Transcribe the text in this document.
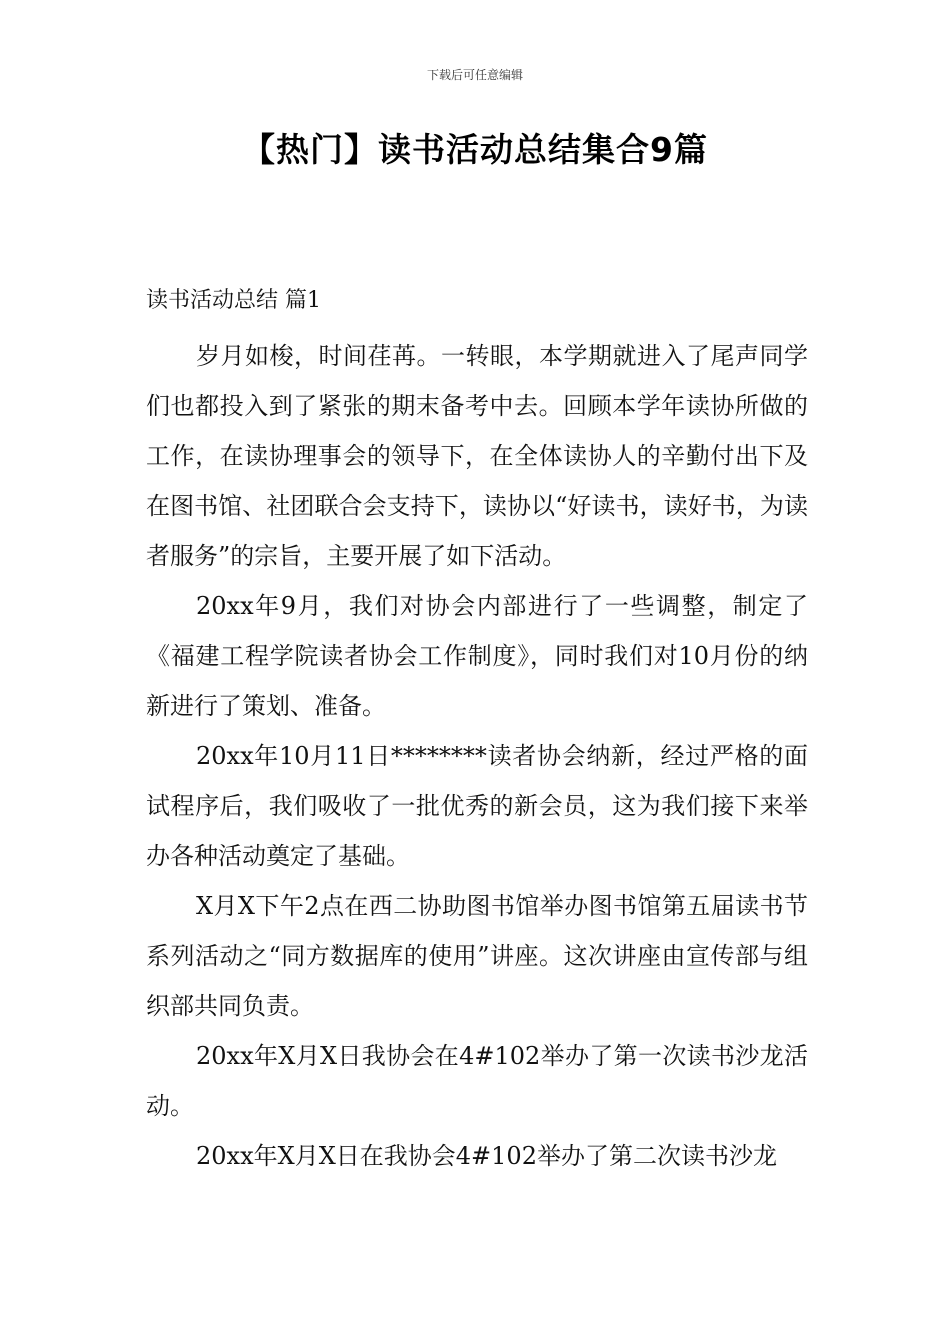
下载后可任意编辑
【热门】读书活动总结集合9篇
读书活动总结 篇1

岁月如梭，时间荏苒。一转眼，本学期就进入了尾声同学们也都投入到了紧张的期末备考中去。回顾本学年读协所做的工作，在读协理事会的领导下，在全体读协人的辛勤付出下及在图书馆、社团联合会支持下，读协以“好读书，读好书，为读者服务”的宗旨，主要开展了如下活动。

20xx年9月，我们对协会内部进行了一些调整，制定了《福建工程学院读者协会工作制度》，同时我们对10月份的纳新进行了策划、准备。

20xx年10月11日********读者协会纳新，经过严格的面试程序后，我们吸收了一批优秀的新会员，这为我们接下来举办各种活动奠定了基础。

X月X下午2点在西二协助图书馆举办图书馆第五届读书节系列活动之“同方数据库的使用”讲座。这次讲座由宣传部与组织部共同负责。

20xx年X月X日我协会在4#102举办了第一次读书沙龙活动。

20xx年X月X日在我协会4#102举办了第二次读书沙龙
